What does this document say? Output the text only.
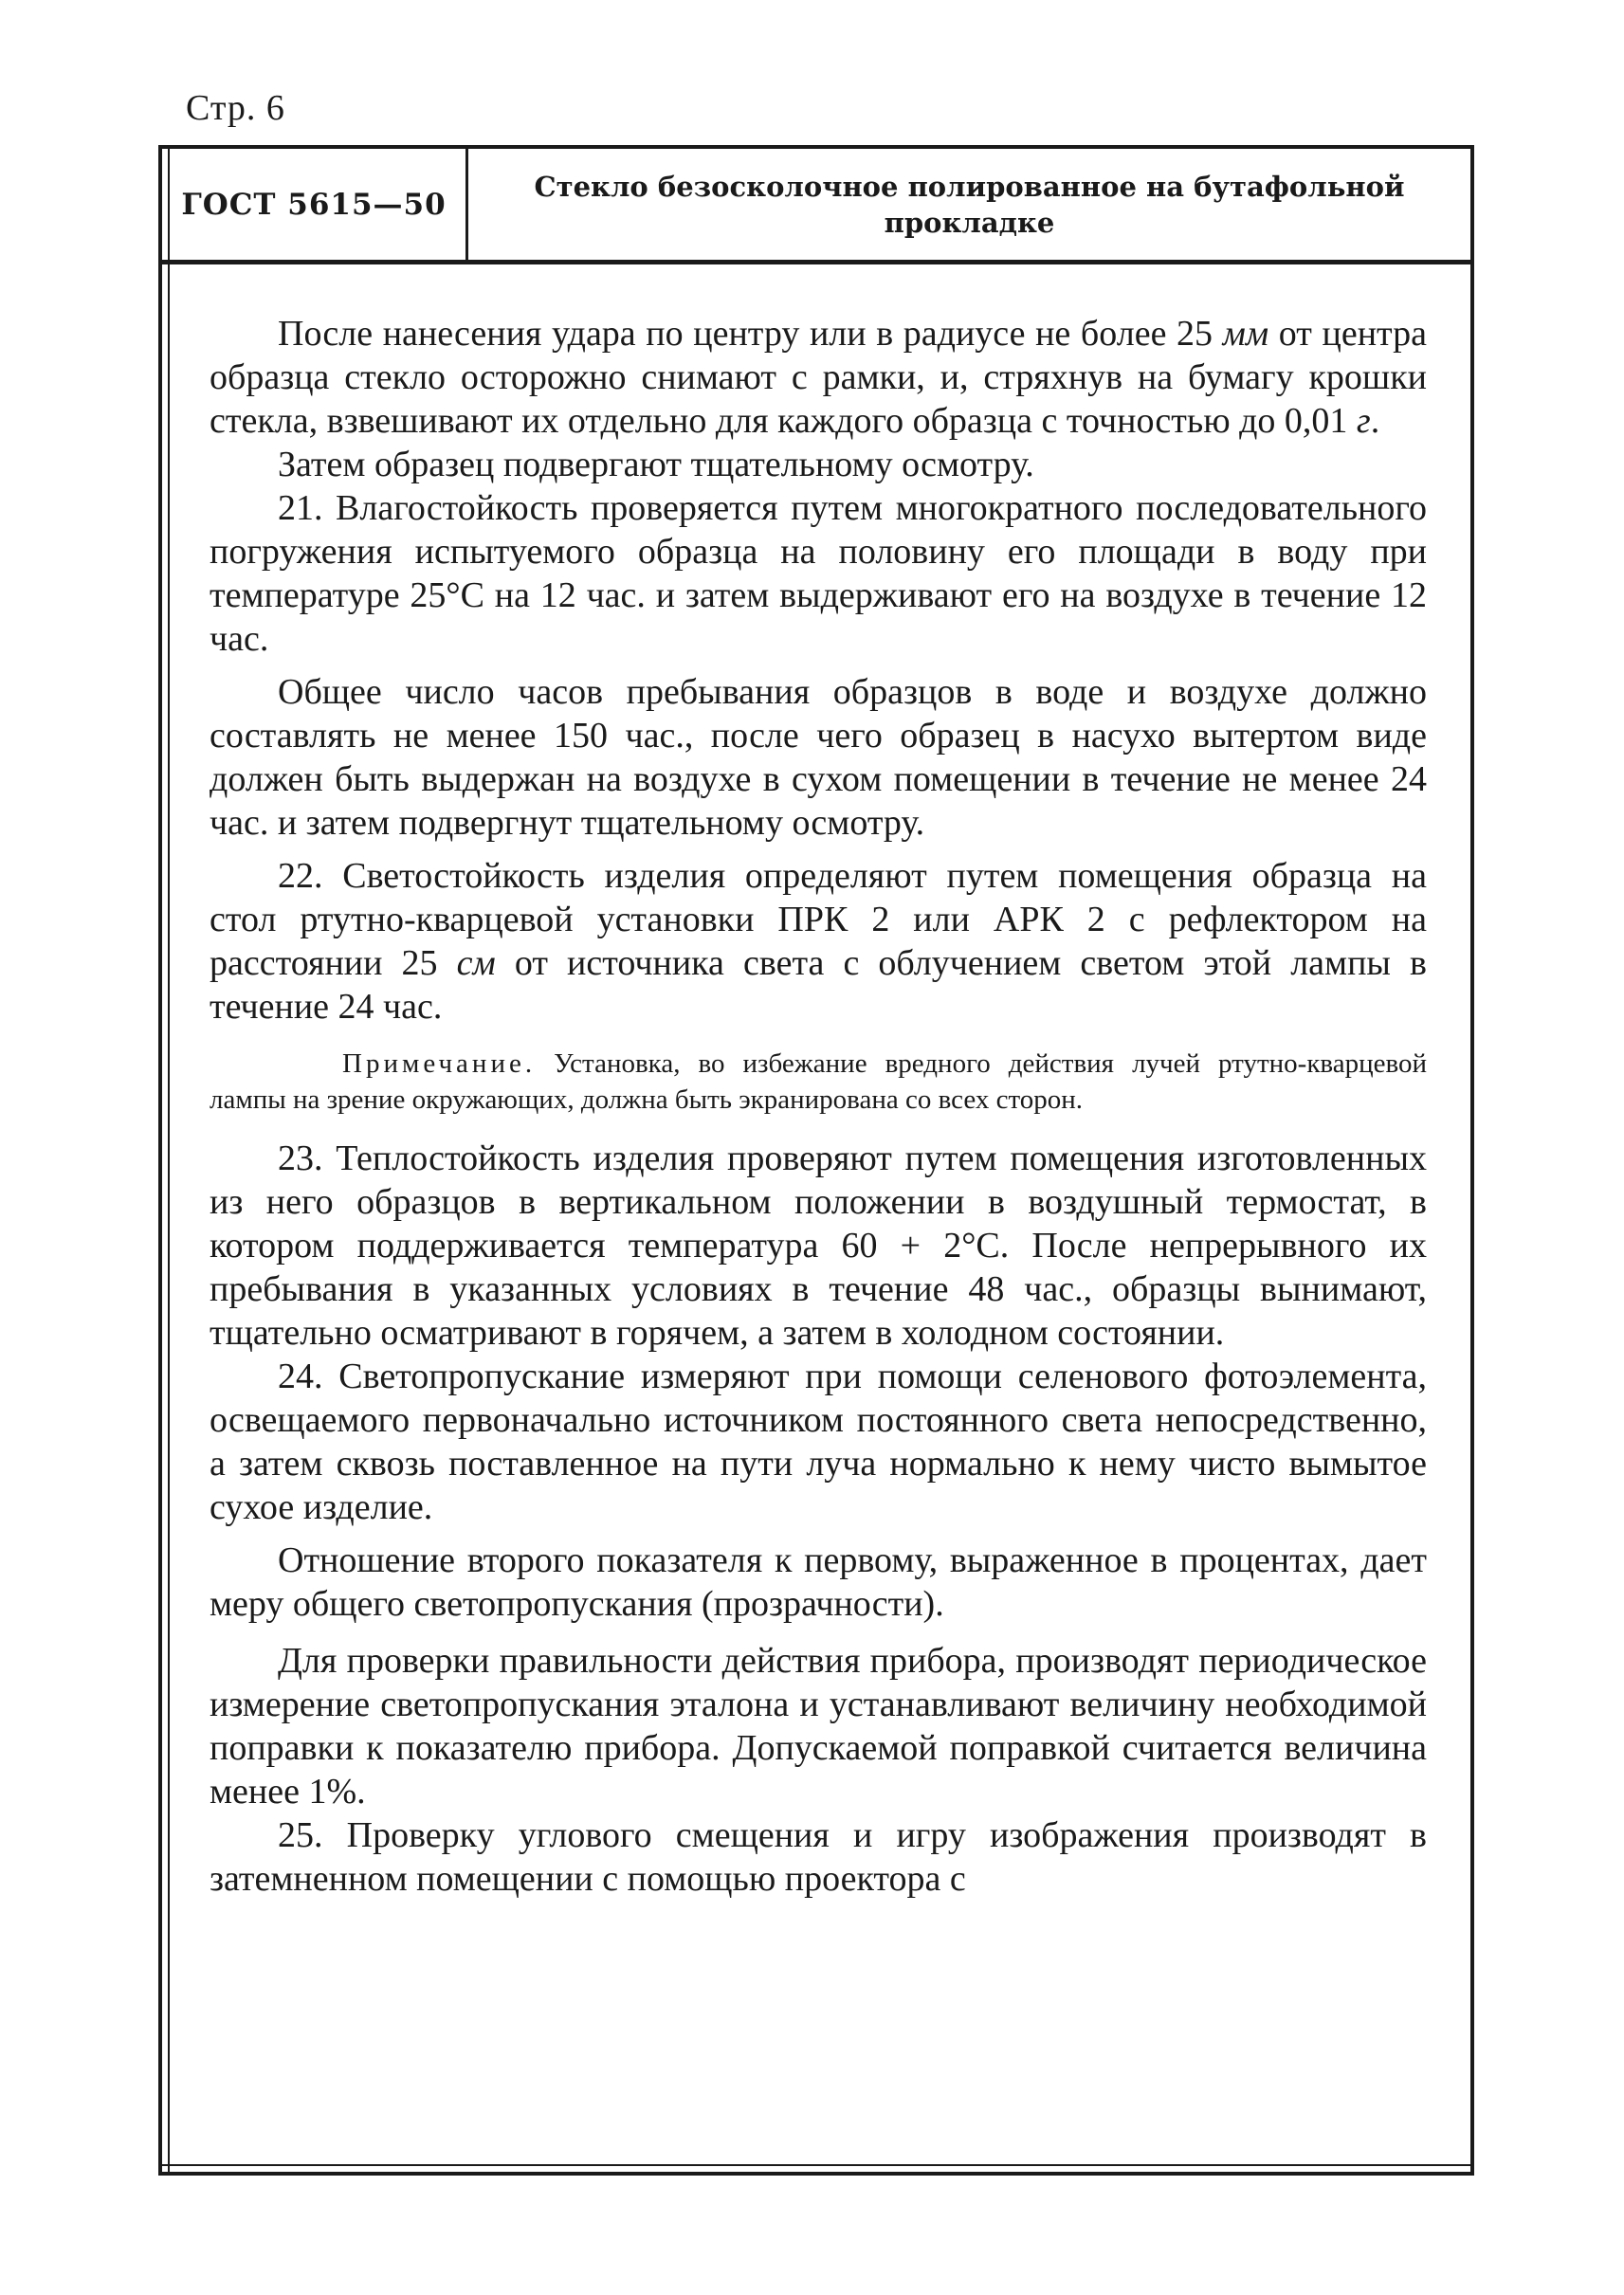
Стр. 6
ГОСТ 5615—50
Стекло безосколочное полированное на бутафольной
прокладке

После нанесения удара по центру или в радиусе не более 25 мм от центра образца стекло осторожно снимают с рамки, и, стряхнув на бумагу крошки стекла, взвешивают их отдельно для каждого образца с точностью до 0,01 г.

Затем образец подвергают тщательному осмотру.

21. Влагостойкость проверяется путем многократного последовательного погружения испытуемого образца на половину его площади в воду при температуре 25°С на 12 час. и затем выдерживают его на воздухе в течение 12 час.

Общее число часов пребывания образцов в воде и воздухе должно составлять не менее 150 час., после чего образец в насухо вытертом виде должен быть выдержан на воздухе в сухом помещении в течение не менее 24 час. и затем подвергнут тщательному осмотру.

22. Светостойкость изделия определяют путем помещения образца на стол ртутно-кварцевой установки ПРК 2 или АРК 2 с рефлектором на расстоянии 25 см от источника света с облучением светом этой лампы в течение 24 час.

Примечание. Установка, во избежание вредного действия лучей ртутно-кварцевой лампы на зрение окружающих, должна быть экранирована со всех сторон.

23. Теплостойкость изделия проверяют путем помещения изготовленных из него образцов в вертикальном положении в воздушный термостат, в котором поддерживается температура 60 + 2°С. После непрерывного их пребывания в указанных условиях в течение 48 час., образцы вынимают, тщательно осматривают в горячем, а затем в холодном состоянии.

24. Светопропускание измеряют при помощи селенового фотоэлемента, освещаемого первоначально источником постоянного света непосредственно, а затем сквозь поставленное на пути луча нормально к нему чисто вымытое сухое изделие.

Отношение второго показателя к первому, выраженное в процентах, дает меру общего светопропускания (прозрачности).

Для проверки правильности действия прибора, производят периодическое измерение светопропускания эталона и устанавливают величину необходимой поправки к показателю прибора. Допускаемой поправкой считается величина менее 1%.

25. Проверку углового смещения и игру изображения производят в затемненном помещении с помощью проектора с
